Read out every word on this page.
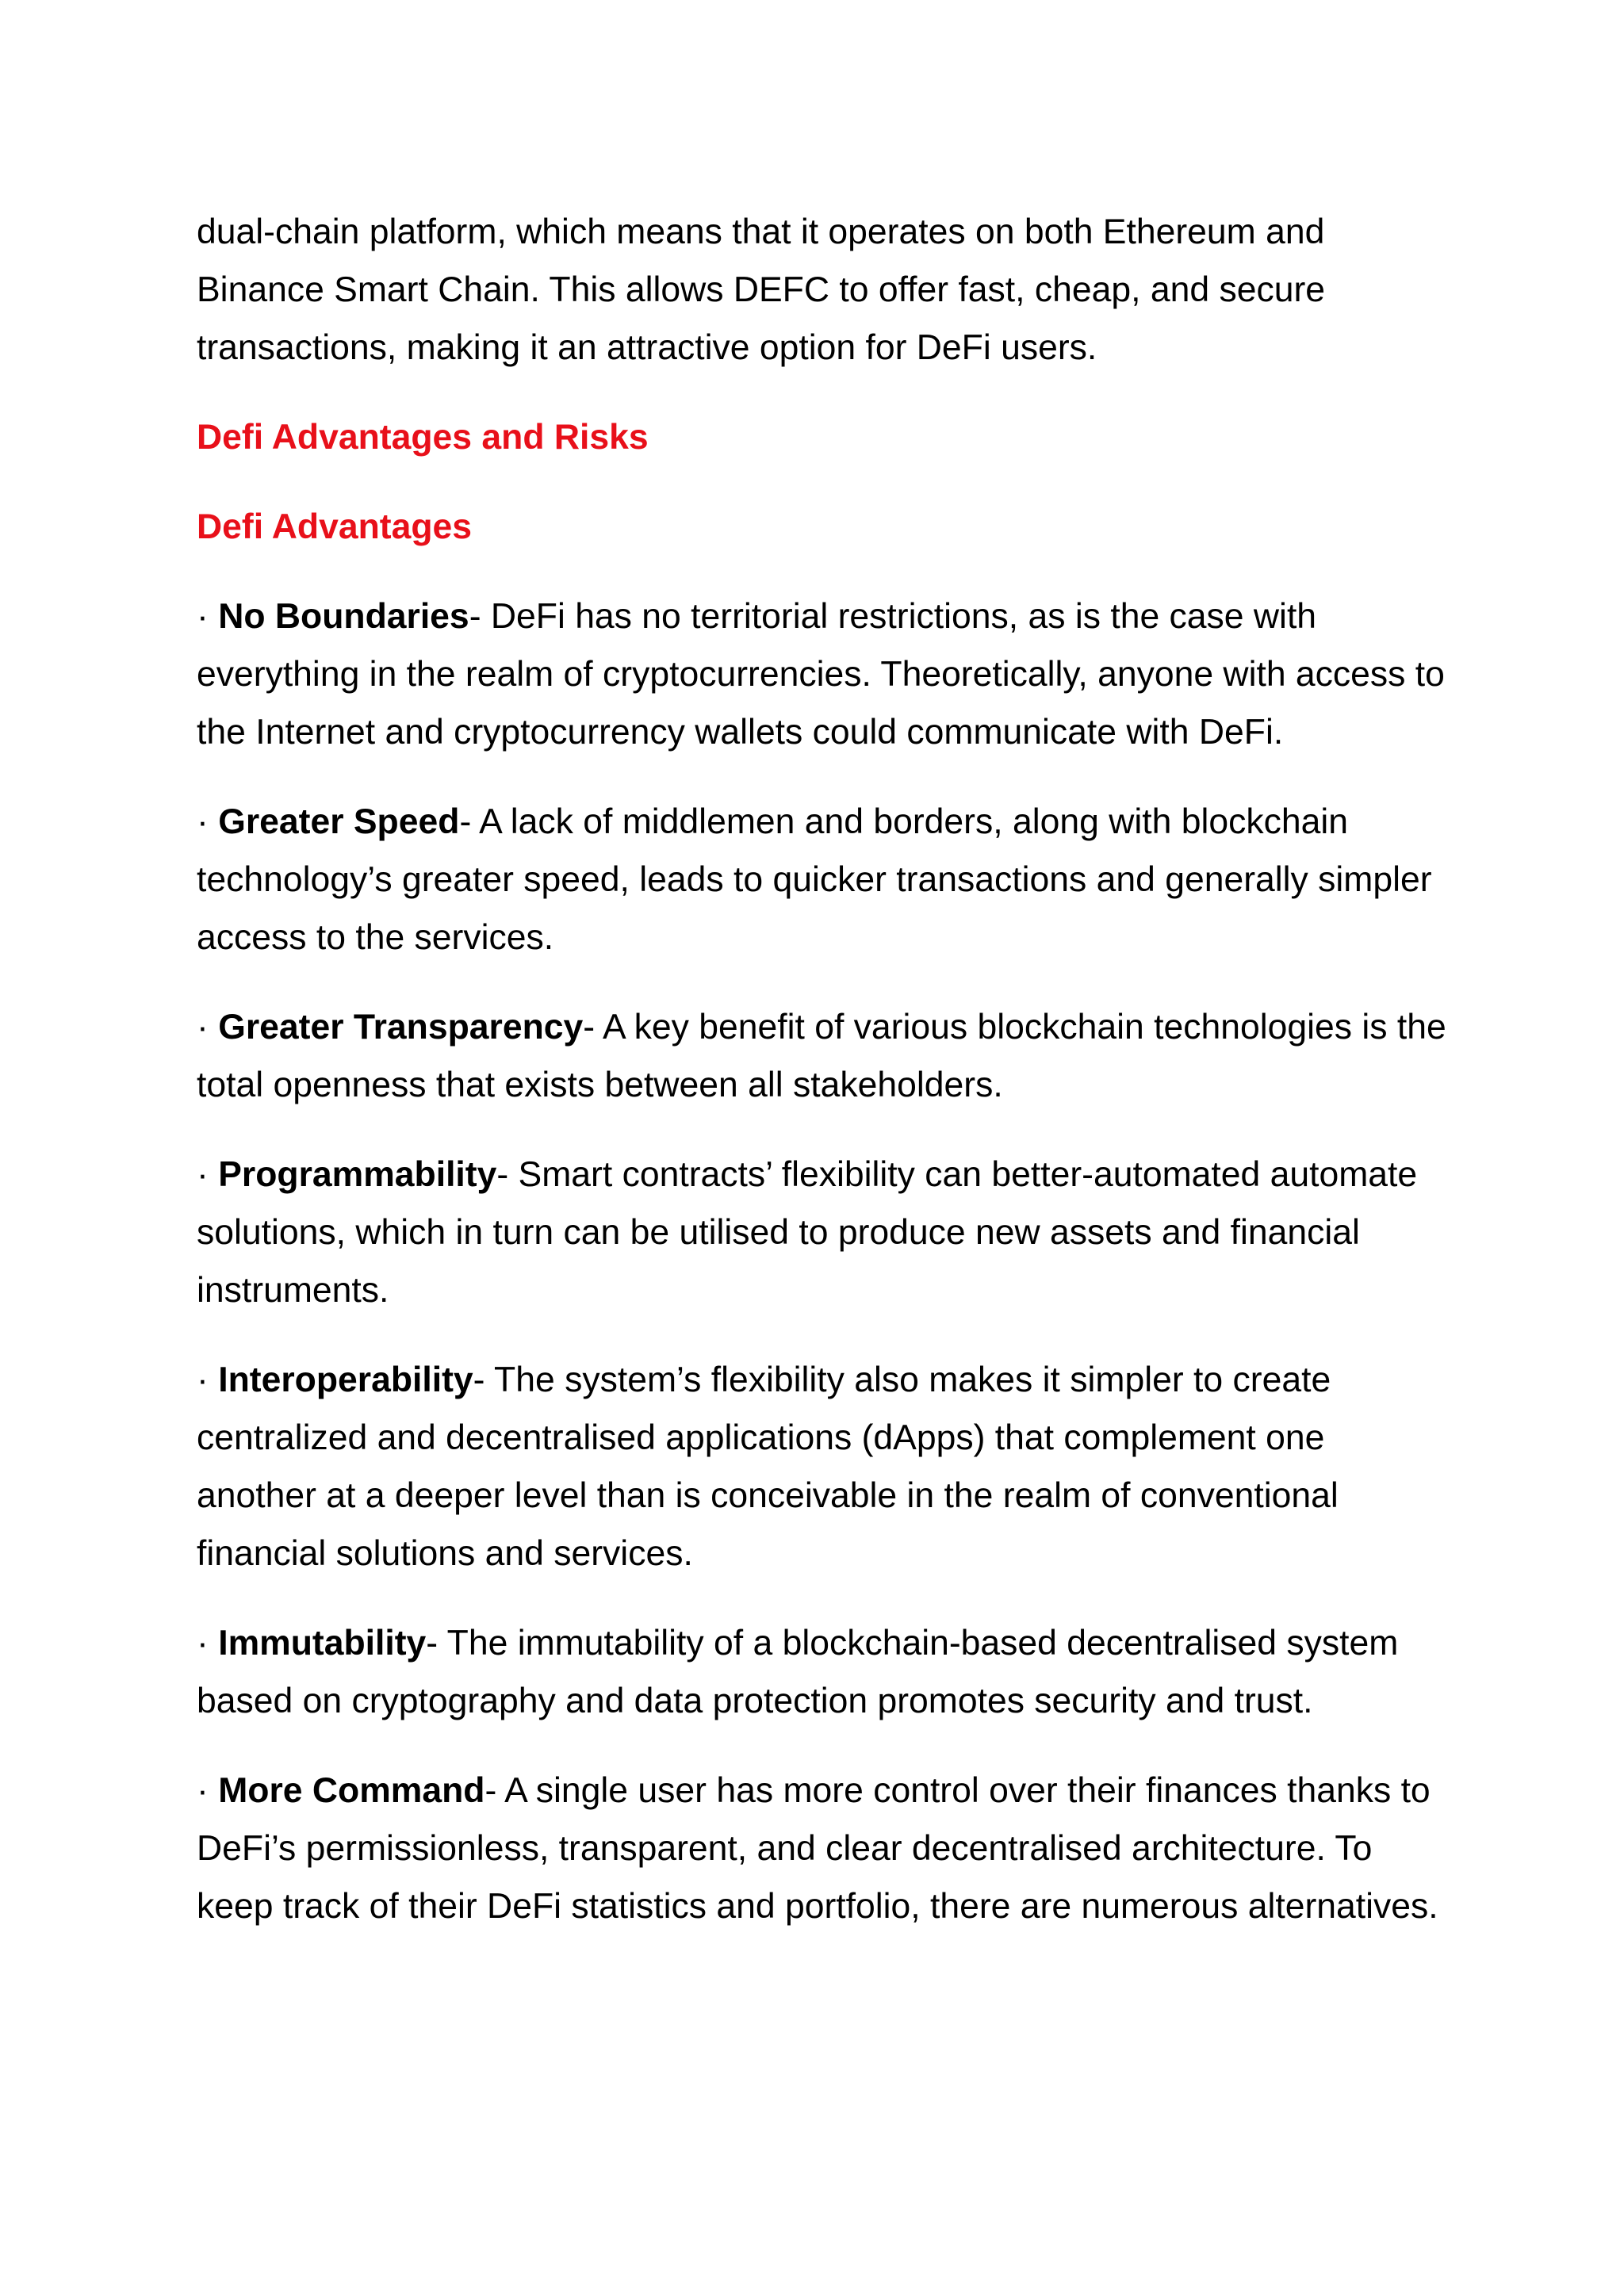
dual-chain platform, which means that it operates on both Ethereum and Binance Smart Chain. This allows DEFC to offer fast, cheap, and secure transactions, making it an attractive option for DeFi users.

Defi Advantages and Risks
Defi Advantages

· No Boundaries- DeFi has no territorial restrictions, as is the case with everything in the realm of cryptocurrencies. Theoretically, anyone with access to the Internet and cryptocurrency wallets could communicate with DeFi.

· Greater Speed- A lack of middlemen and borders, along with blockchain technology’s greater speed, leads to quicker transactions and generally simpler access to the services.

· Greater Transparency- A key benefit of various blockchain technologies is the total openness that exists between all stakeholders.

· Programmability- Smart contracts’ flexibility can better-automated automate solutions, which in turn can be utilised to produce new assets and financial instruments.

· Interoperability- The system’s flexibility also makes it simpler to create centralized and decentralised applications (dApps) that complement one another at a deeper level than is conceivable in the realm of conventional financial solutions and services.

· Immutability- The immutability of a blockchain-based decentralised system based on cryptography and data protection promotes security and trust.

· More Command- A single user has more control over their finances thanks to DeFi’s permissionless, transparent, and clear decentralised architecture. To keep track of their DeFi statistics and portfolio, there are numerous alternatives.
